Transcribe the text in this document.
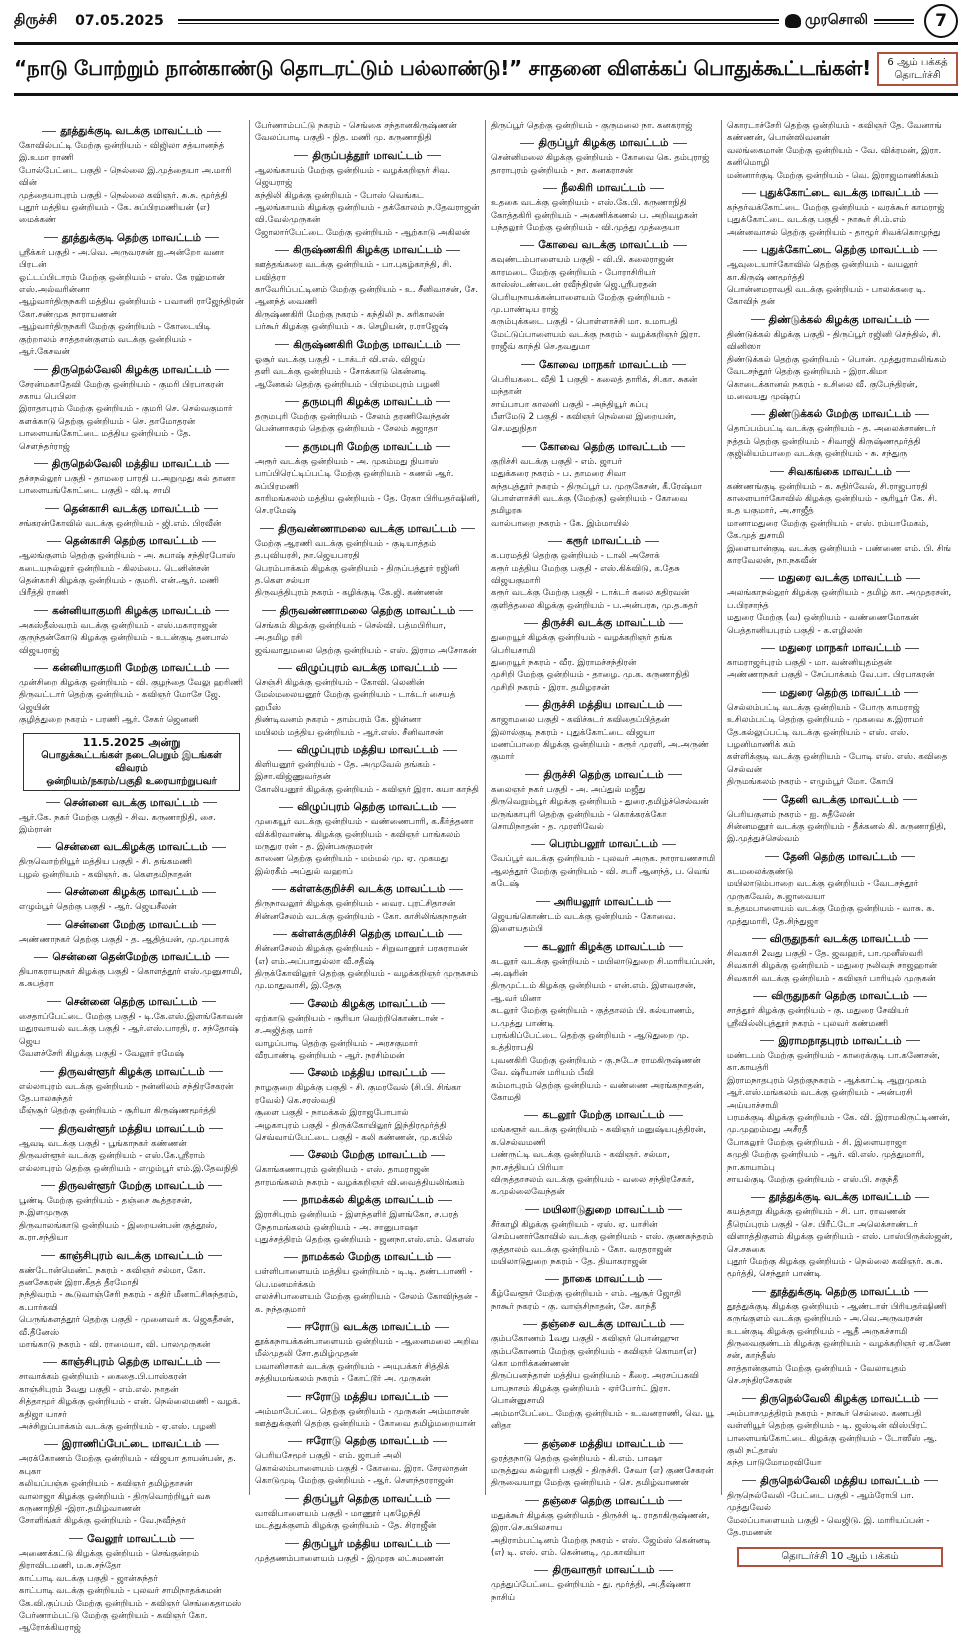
திருச்சி 07.05.2025	முரசொலி	7
“நாடு போற்றும் நான்காண்டு தொடரட்டும் பல்லாண்டு!” சாதனை விளக்கப் பொதுக்கூட்டங்கள்!	6 ஆம் பக்கத் தொடர்ச்சி
தூத்துக்குடி வடக்கு மாவட்டம்
கோவில்பட்டி மேற்கு ஒன்றியம் - விஜிலா சத்யானந்த் இ.உமா ராணி
போல்பேட்டை பகுதி - நெல்லை இ.முத்தையா அ.மாரி வின்
முத்தையாபுரம் பகுதி - நெல்லை கவிஞர். சு.சு. மூர்த்தி
புதூர் மத்திய ஒன்றியம் - கே. சுப்பிரமணியன் (எ) மைக்கண்
தூத்துக்குடி தெற்கு மாவட்டம்
ஸ்ரீக்கர் பகுதி - அ.வெ. அருவரசன் ஐ.அன்றோ வனா பிரடன்
ஓட்டப்பிடாரம் மேற்கு ஒன்றியம் - எஸ். கே ரஹ்மான் எஸ்.அல்வரின்னா
ஆழ்வார்திருநகரி மத்திய ஒன்றியம் - பவானி ராஜேந்திரன் கோ.சண்முக நாராயணன்
ஆழ்வார்திருநகரி மேற்கு ஒன்றியம் - கோடையிடி குற்றாலம் சாத்தான்குளம் வடக்கு ஒன்றியம் - ஆர்.கேசவன்
திருநெல்வேலி கிழக்கு மாவட்டம்
சேரன்மகாதேவி மேற்கு ஒன்றியம் - குமரி பிரபாகரன் சகாய பெபிலா
இராதாபுரம் மேற்கு ஒன்றியம் - குமரி செ. செல்வகுமார்
களக்காடு தெற்கு ஒன்றியம் - செ. தாமோதரன்
பாளையங்கோட்டை மத்திய ஒன்றியம் - தே. செளந்தர்ராஜ்
திருநெல்வேலி மத்திய மாவட்டம்
தச்சநல்லூர் பகுதி - தாமரை பாரதி ப.அறுமுது சுல் தானா
பாளையங்கோட்டை பகுதி - வி.டி சாமி
தென்காசி வடக்கு மாவட்டம்
சங்கரன்கோவில் வடக்கு ஒன்றியம் - ஜி.எம். பிரவீன்
தென்காசி தெற்கு மாவட்டம்
ஆலங்குளம் தெற்கு ஒன்றியம் - அ. சுபாஷ் சந்திரபோஸ்
கடையநல்லூர் ஒன்றியம் - கிலம்பை. டெனின்சன்
தென்காசி கிழக்கு ஒன்றியம் - குமரி. என்.ஆர். மணி பிரீத்தி ராணி
கன்னியாகுமரி கிழக்கு மாவட்டம்
அகஸ்தீஸ்வரம் வடக்கு ஒன்றியம் - எஸ்.மகாராஜன்
குருந்தன்கோடு கிழக்கு ஒன்றியம் - உடன்குடி தனபால் விஜயராஜ்
கன்னியாகுமரி மேற்கு மாவட்டம்
முன்சிறை கிழக்கு ஒன்றியம் - வி. குழந்தை வேலு ஹரிணி
திருவட்டார் தெற்கு ஒன்றியம் - கவிஞர் மோசே ஜே. ஜெயின்
குழித்துறை நகரம் - பரணி ஆர். சேகர் ஜெனனி
11.5.2025 அன்று
பொதுக்கூட்டங்கள் நடைபெறும் இடங்கள் விவரம்
ஒன்றியம்/நகரம்/பகுதி உரையாற்றுபவர்
சென்னை வடக்கு மாவட்டம்
ஆர்.கே. நகர் மேற்கு பகுதி - சிவ. கருணாநிதி, சை. இம்ரான்
சென்னை வடகிழக்கு மாவட்டம்
திருவொற்றியூர் மத்திய பகுதி - சி. தங்கமணி
புழல் ஒன்றியம் - கவிஞர். சு. கௌதமிநாதன்
சென்னை கிழக்கு மாவட்டம்
எழும்பூர் தெற்கு பகுதி - ஆர். ஜெயசீலன்
சென்னை மேற்கு மாவட்டம்
அண்ணாநகர் தெற்கு பகுதி - த. ஆதித்யன், மு.முபாரக்
சென்னை தென்மேற்கு மாவட்டம்
தியாகராயநகர் கிழக்கு பகுதி - கொளத்தூர் எஸ்.முனுசாமி, க.சுபத்ரா
சென்னை தெற்கு மாவட்டம்
சைதாப்பேட்டை மேற்கு பகுதி - டி.கே.எஸ்.இளங்கோவன்
மதுரவாயல் வடக்கு பகுதி - ஆர்.எஸ்.பாரதி, ர. சந்தோஷ் ஜெய
வேளச்சேரி கிழக்கு பகுதி - வேலூர் ரமேஷ்
திருவள்ளூர் கிழக்கு மாவட்டம்
எல்லாபுரம் வடக்கு ஒன்றியம் - நன்னிலம் சந்திரசேகரன் தே.பாலசுந்தர்
மீஞ்சூர் தெற்கு ஒன்றியம் - சூரியா கிருஷ்ணமூர்த்தி
திருவள்ளூர் மத்திய மாவட்டம்
ஆவடி வடக்கு பகுதி - பூங்காநகர் கண்ணன்
திருவள்ளூர் வடக்கு ஒன்றியம் - எஸ்.கே.ஸ்ரீராம்
எல்லாபுரம் தெற்கு ஒன்றியம் - எழும்பூர் எம்.இ.தேவநிதி
திருவள்ளூர் மேற்கு மாவட்டம்
பூண்டி மேற்கு ஒன்றியம் - தஞ்சை கூத்தரசன், ந.இளமுருகு
திருவாலங்காடு ஒன்றியம் - இறையன்பன் குத்தூஸ், க.ரா.சந்தியா
காஞ்சிபுரம் வடக்கு மாவட்டம்
கண்டோன்மெண்ட் நகரம் - கவிஞர் சல்மா, கோ. தனசேகரன் இரா.கீதத் தீரமோதி
நந்திவரம் - கூடுவாஞ்சேரி நகரம் - கதிர் மீனாட்சிசுந்தரம், க.பார்கவி
பெருங்களத்தூர் தெற்கு பகுதி - முனைவர் க. ஜெகதீசன், வீ.தீனேஸ்
மாங்காடு நகரம் - வி. ராமையா, வி. பாலமுருகன்
காஞ்சிபுரம் தெற்கு மாவட்டம்
சாவாக்கம் ஒன்றியம் - கைதை.பி.பாஸ்கரன்
காஞ்சிபுரம் 3வது பகுதி - எம்.எல். நாதன்
சித்தாமூர் கிழக்கு ஒன்றியம் - என். நெல்லைமணி - வழக். கதிஜா யாசர்
அச்சிறுப்பாக்கம் வடக்கு ஒன்றியம் - ஏ.எஸ். பழனி
இராணிப்பேட்டை மாவட்டம்
அரக்கோணம் மேற்கு ஒன்றியம் - விஜயா தாயன்பன், த. சுபுகா
கலியப்பஞ்சு ஒன்றியம் - கவிஞர் தமிழ்தாசன்
வாலாஜா கிழக்கு ஒன்றியம் - திருவொற்றியூர் வசு கருணாநிதி -இரா.தமிழ்வாணன்
சோளிங்கர் கிழக்கு ஒன்றியம் - வே.நவீந்தர்
வேலூர் மாவட்டம்
அணைக்கட்டு கிழக்கு ஒன்றியம் - செங்குன்றம் திராவிடமணி, ம.சு.சந்தோ
காட்பாடி வடக்கு பகுதி - ஜான்சுந்தர்
காட்பாடி வடக்கு ஒன்றியம் - புலவர் சாமிநாதக்கமன்
கே.வி.குப்பம் மேற்கு ஒன்றியம் - கவிஞர் செங்கைதாமஸ்
பேர்ணாம்பட்டு மேற்கு ஒன்றியம் - கவிஞர் கோ. ஆரோக்கியராஜ்
பேர்ணாம்பட்டு நகரம் - செங்கை சந்தானகிருஷ்ணன்
வேலப்பாடி பகுதி - நித. மணி மு. கருணாநிதி
திருப்பத்தூர் மாவட்டம்
ஆலங்காயம் மேற்கு ஒன்றியம் - வழக்கறிஞர் சிவ. ஜெயராஜ்
கந்திலி கிழக்கு ஒன்றியம் - போஸ் வெங்கட
ஆலங்காயம் கிழக்கு ஒன்றியம் - தக்கோலம் ந.தேவராஜன் வி.வேல்முருகன்
ஜோலார்பேட்டை மேற்கு ஒன்றியம் - ஆற்காடு அகிலன்
கிருஷ்ணகிரி கிழக்கு மாவட்டம்
ஊத்தங்கரை வடக்கு ஒன்றியம் - பா.புகழ்காந்தி, சி. பவித்ரா
காவேரிப்பட்டினம் மேற்கு ஒன்றியம் - உ. சீனிவாசன், சே. ஆனந்த் வைணி
கிருஷ்ணகிரி மேற்கு நகரம் - கந்திலி ந. சுரிகாலன்
பர்கூர் கிழக்கு ஒன்றியம் - சு. செழியன், ர.ராஜேஷ்
கிருஷ்ணகிரி மேற்கு மாவட்டம்
ஓசூர் வடக்கு பகுதி - டாக்டர் வி.எல். விஜய்
தளி வடக்கு ஒன்றியம் - சோக்காடு கென்னடி
ஆனேகல் தெற்கு ஒன்றியம் - பிரம்மபுரம் பழனி
தருமபுரி கிழக்கு மாவட்டம்
தருமபுரி மேற்கு ஒன்றியம் - சேலம் தரணிவேந்தன்
பென்னாகரம் தெற்கு ஒன்றியம் - சேலம் சுஜாதா
தருமபுரி மேற்கு மாவட்டம்
அரூர் வடக்கு ஒன்றியம் - அ. முகம்மது நியாஸ்
பாப்பிரெட்டிப்பட்டி மேற்கு ஒன்றியம் - கணல் ஆர். சுப்பிரமணி
காரிமங்கலம் மத்திய ஒன்றியம் - தே. ரேகா பிரியதர்ஷினி, செ.ரமேஷ்
திருவண்ணாமலை வடக்கு மாவட்டம்
மேற்கு ஆரணி வடக்கு ஒன்றியம் - குடியாத்தம் த.புவியரசி, நா.ஜெயபாரதி
பெரம்பாக்கம் கிழக்கு ஒன்றியம் - திருப்பத்தூர் ரஜினி த.கெள சல்யா
திருவத்திபுரம் நகரம் - கழிக்குடி கே.ஜி. கண்ணன்
திருவண்ணாமலை தெற்கு மாவட்டம்
செங்கம் கிழக்கு ஒன்றியம் - செல்வி. பத்மபிரியா, அ.தமிழ ரசி
ஜவ்வாதுமலை தெற்கு ஒன்றியம் - எஸ். இராம அசோகன்
விழுப்புரம் வடக்கு மாவட்டம்
செஞ்சி கிழக்கு ஒன்றியம் - கோவி. லெனின்
மேல்மலையனூர் மேற்கு ஒன்றியம் - டாக்டர் சையத் ஹபீஸ்
திண்டிவனம் நகரம் - தாம்பரம் கே. ஜின்னா
மயிலம் மத்திய ஒன்றியம் - ஆர்.எஸ். சீனிவாசன்
விழுப்புரம் மத்திய மாவட்டம்
கிளியனூர் ஒன்றியம் - தே. அமுவேல் தங்கம் - இசா.விஜ்ணுவர்தன்
கோலியனூர் கிழக்கு ஒன்றியம் - கவிஞர் இரா. கயா காந்தி
விழுப்புரம் தெற்கு மாவட்டம்
முகையூர் வடக்கு ஒன்றியம் - வண்ணைபாரி, க.கீர்த்தனா
விக்கிரவாண்டி கிழக்கு ஒன்றியம் - கவிஞர் பாங்கலம் மருதுர ரன் - த. இன்பசுகுமரன்
காணை தெற்கு ஒன்றியம் - மம்மல் மு. ஏ. முகமது இல்ரகீம் அப்துல் வஹாப்
கள்ளக்குறிச்சி வடக்கு மாவட்டம்
திருநாவலூர் கிழக்கு ஒன்றியம் - வைர. புரட்சிதாசன்
சின்னசேலம் வடக்கு ஒன்றியம் - கோ. காசிலிங்கநாதன்
கள்ளக்குறிச்சி தெற்கு மாவட்டம்
சின்னசேலம் கிழக்கு ஒன்றியம் - சிறுவானூர் பரசுராமன் (எ) எம்.அப்பாதுல்லா வீ.சதீஷ்
திருக்கோவிலூர் தெற்கு ஒன்றியம் - வழக்கறிஞர் முருகசம் மு.மாதுவாசி, இ.தேகு
சேலம் கிழக்கு மாவட்டம்
ஏற்காடு ஒன்றியம் - சூரியா வெற்றிகொண்டான் - ச.அஜித்கு மார்
வாழப்பாடி தெற்கு ஒன்றியம் - அரசகுமார்
வீரபாண்டி ஒன்றியம் - ஆர். நரசிம்மன்
சேலம் மத்திய மாவட்டம்
நாழகுறை கிழக்கு பகுதி - சி. குமரவேல் (சி.பி. சிங்கா ரவேல்) கெ.சரஸ்வதி
சூளை பகுதி - நாமக்கல் இராஜபோபால்
அழகாபுரம் பகுதி - திருக்கோயிலூர் இந்திரமூர்த்தி
செவ்வாய்பேட்டை பகுதி - கலி கண்ணன், மு.கபில்
சேலம் மேற்கு மாவட்டம்
கொங்கணாபுரம் ஒன்றியம் - எஸ். தாமராஜன்
தாரமங்கலம் நகரம் - வழக்கறிஞர் வி.வைத்தியலிங்கம்
நாமக்கல் கிழக்கு மாவட்டம்
இராசிபுரம் ஒன்றியம் - இளந்தளிர் இளங்கோ, ச.பரத் நேதாமங்கலம் ஒன்றியம் - அ. சானுபாஷா
புதுச்சத்திரம் தெற்கு ஒன்றியம் - ஜனநா.எஸ்.எம். கௌஸ்
நாமக்கல் மேற்கு மாவட்டம்
பள்ளிபாளையம் மத்திய ஒன்றியம் - டி.டி. தண்டபாணி - பெ.மனமர்க்கம்
எலச்சிபாளையம் மேற்கு ஒன்றியம் - சேலம் கோவிந்தன் - க. நந்தகுமார்
ஈரோடு வடக்கு மாவட்டம்
தூக்கநாயக்கன்பாளையம் ஒன்றியம் - ஆனைமலை அறிவ மீல்முதலி சோ.தமிழ்முதன்
பவானிசாகர் வடக்கு ஒன்றியம் - அயுபக்கர் சித்திக்
சத்தியமங்கலம் நகரம் - கோட்டூர் அ. முருகன்
ஈரோடு மத்திய மாவட்டம்
அம்மாபேட்டை தெற்கு ஒன்றியம் - முருகன் அம்மாசன்
ஊத்துக்குளி தெற்கு ஒன்றியம் - கோவை தமிழ்மறையான்
ஈரோடு தெற்கு மாவட்டம்
பெரியசேமூர் பகுதி - எம். ஜாபர் அலி
கொல்லம்பாளையம் பகுதி - கோவை. இரா. சேரலாதன்
கொடுமுடி மேற்கு ஒன்றியம் - ஆர். சௌந்தரராஜன்
திருப்பூர் தெற்கு மாவட்டம்
வாவிபாளையம் பகுதி - மாணூர் புகழேந்தி
மடத்துக்குளம் கிழக்கு ஒன்றியம் - தே. சிராஜீன்
திருப்பூர் மத்திய மாவட்டம்
முத்தணம்பாளையம் பகுதி - இமுரசு லட்சுமணன்
திருப்பூர் தெற்கு ஒன்றியம் - குருமலை நா. கனகராஜ்
திருப்பூர் கிழக்கு மாவட்டம்
சென்னிமலை கிழக்கு ஒன்றியம் - கோவை கெ. தம்புராஜ்
தாராபுரம் ஒன்றியம் - நா. கனகராசன்
நீலகிரி மாவட்டம்
உதகை வடக்கு ஒன்றியம் - எஸ்.கே.பி. கருணாநிதி
கோத்தகிரி ஒன்றியம் - அகணிக்கணல் ப. அறிவழகன்
பந்தலூர் மேற்கு ஒன்றியம் - வி.முத்து முத்தையா
கோவை வடக்கு மாவட்டம்
கவுண்டம்பாளையம் பகுதி - வி.பி. கலைராஜன்
காரமடை மேற்கு ஒன்றியம் - போராசிரியர் காஸ்ஸ்டண்டைன் ரவீந்திரன் ஜெ.ஸ்ரீபரதன்
பெரியநாயக்கன்பாளையம் மேற்கு ஒன்றியம் - மு.பாண்டிய ராஜ்
கரும்புக்கடை பகுதி - பொள்ளாச்சி மா. உமாபதி
மேட்டுப்பாளையம் வடக்கு நகரம் - வழக்கறிஞர் இரா. ராஜீவ் காந்தி செ.தவதுமா
கோவை மாநகர் மாவட்டம்
பெரியகடை வீதி 1 பகுதி - கலைத் தாரிக், சி.கா. சுகன் மந்தான்
சாய்பாபா காலனி பகுதி - அந்தியூர் சுப்பு
பீளமேடு 2 பகுதி - கவிஞர் நெல்லை இறையன், செ.மதுநிதா
கோவை தெற்கு மாவட்டம்
குறிச்சி வடக்கு பகுதி - எம். ஜாபர்
மதுக்கரை நகரம் - ப. தாமரை சிவா
சுந்தபுத்தூர் நகரம் - திருப்பூர் ப. முருகேசன், கீ.ரேஷ்மா
பொள்ளாச்சி வடக்கு (மேற்கு) ஒன்றியம் - கோவை தமிழரசு
வால்பாறை நகரம் - கே. இம்மாயில்
கரூர் மாவட்டம்
க.பரமத்தி தெற்கு ஒன்றியம் - டாலி அசோக்
கரூர் மத்திய மேற்கு பகுதி - எஸ்.கிக்விடு, க.தேசு விஜயகுமாரி
கரூர் வடக்கு மேற்கு பகுதி - டாக்டர் கலை கதிரவன்
குளித்தலை கிழக்கு ஒன்றியம் - ப.அன்பரசு, மு.த.சுதர்
திருச்சி வடக்கு மாவட்டம்
துறையூர் கிழக்கு ஒன்றியம் - வழக்கறிஞர் தங்க பெரியசாமி
துறையூர் நகரம் - வீர. இராமச்சந்திரன்
முசிறி மேற்கு ஒன்றியம் - தாழை. மு.க. கருணாநிதி
முசிறி நகரம் - இரா. தமிழரசன்
திருச்சி மத்திய மாவட்டம்
காஜாமலை பகுதி - கவிச்சுடர் கவிதைப்பித்தன்
இலால்குடி நகரம் - புதுக்கோட்டை விஜயா
மணப்பாறை கிழக்கு ஒன்றியம் - கரூர் முரளி, அ.அருண் குமார்
திருச்சி தெற்கு மாவட்டம்
கலைஞர் நகர் பகுதி - அ. அப்துல் மஜீது
திருவெறும்பூர் கிழக்கு ஒன்றியம் - துரை.தமிழ்ச்செல்வன்
மருங்காபுரி தெற்கு ஒன்றியம் - கொக்கரக்கோ சொமிநாதன் - த. முரளிவேல்
பெரம்பலூர் மாவட்டம்
வேப்பூர் வடக்கு ஒன்றியம் - புலவர் அருக. நாராயணசாமி
ஆலத்தூர் மேற்கு ஒன்றியம் - வி. சபரீ ஆனந்த், ப. வெங் கடேஷ்
அரியலூர் மாவட்டம்
ஜெயங்கொண்டம் வடக்கு ஒன்றியம் - கோவை. இளையதம்பி
கடலூர் கிழக்கு மாவட்டம்
கடலூர் வடக்கு ஒன்றியம் - மயிலாடுதுறை சி.மாரியப்பன், அ.ஷரின்
திருமுட்டம் கிழக்கு ஒன்றியம் - என்.எம். இளவரசன், ஆ.வர் மினா
கடலூர் மேற்கு ஒன்றியம் - குத்தாலம் பி. கல்யாணம், ப.முத்து பாண்டி
பரங்கிப்பேட்டை தெற்கு ஒன்றியம் - ஆடுதுறை மு. உத்திராபதி
புவனகிரி மேற்கு ஒன்றியம் - கு.நடேச ராமகிருஷ்ணன் வே. ஷ்ரீயான் மரியம் பீவி
கம்மாபுரம் தெற்கு ஒன்றியம் - வண்ணை அரங்கநாதன், கோமதி
கடலூர் மேற்கு மாவட்டம்
மங்களூர் வடக்கு ஒன்றியம் - கவிஞர் மனுஷ்யபுத்திரன், க.செல்வமணி
பண்ருட்டி வடக்கு ஒன்றியம் - கவிஞர். சல்மா, நா.சத்தியப் பிரியா
விருத்தாசலம் வடக்கு ஒன்றியம் - வலை சந்திரசேகர், க.முல்லைவேந்தன்
மயிலாடுதுறை மாவட்டம்
சீர்காழி கிழக்கு ஒன்றியம் - ஏஸ். ஏ. யாசின்
செம்பனார்கோவில் வடக்கு ஒன்றியம் - எஸ். குணசுந்தரம்
குத்தாலம் வடக்கு ஒன்றியம் - கோ. வரதராஜன்
மயிலாடுதுறை நகரம் - தே. தியாகராஜன்
நாகை மாவட்டம்
கீழ்வேளூர் மேற்கு ஒன்றியம் - எம். ஆசூர் ஜோதி
நாகூர் நகரம் - கு. வாஞ்சிநாதன், சே. காந்தீ
தஞ்சை வடக்கு மாவட்டம்
கும்பகோணம் 1வது பகுதி - கவிஞர் பொன்ஹுா
கும்பகோணம் மேற்கு ஒன்றியம் - கவிஞர் கொமா(எ) கொ மாரிக்கண்ணன்
திருப்பனந்தாள் மத்திய ஒன்றியம் - கீரை. அரசப்பகவி
பாபநாசம் கிழக்கு ஒன்றியம் - ஏர்போர்ட் இரா. பொன்னுசாமி
அம்மாபேட்டை மேற்கு ஒன்றியம் - உ.வனராணி, வெ. யூ னிதா
தஞ்சை மத்திய மாவட்டம்
ஒரத்தநாடு தெற்கு ஒன்றியம் - கி.எம். பாஷா
மருத்துவ கல்லூரி பகுதி - திருச்சி. சேவா (எ) குணசேகரன்
திருவையாறு மேற்கு ஒன்றியம் - செ. தமிழ்வாணன்
தஞ்சை தெற்கு மாவட்டம்
மதுக்கூர் கிழக்கு ஒன்றியம் - திருச்சி டி. ராதாகிருஷ்ணன், இரா.செ.கபிலசாய
அதிராம்பட்டினம் மேற்கு நகரம் - எஸ். ஜேம்ஸ் கென்னடி (எ) டி. எஸ். எம். கென்னடி, மு.காவியா
திருவாரூர் மாவட்டம்
முத்துப்பேட்டை ஒன்றியம் - து. மூர்த்தி, அ.தீஷ்ணா நாசிய்
கொரடாச்சேரி தெற்கு ஒன்றியம் - கவிஞர் தே. வேனாங் கண்ணன், பொன்ஸிவனன்
வலங்கைமான் மேற்கு ஒன்றியம் - வே. விக்ரமன், இரா. கனிமொழி
மன்னார்குடி மேற்கு ஒன்றியம் - வெ. இராஜமாணிக்கம்
புதுக்கோட்டை வடக்கு மாவட்டம்
கந்தர்வக்கோட்டை மேற்கு ஒன்றியம் - வரக்கூர் காமராஜ்
புதுக்கோட்டை வடக்கு பகுதி - நாகூர் சி.ம்.எம்
அன்னவாசல் தெற்கு ஒன்றியம் - தாழூர் சிவக்கொழுந்து
புதுக்கோட்டை தெற்கு மாவட்டம்
ஆவுடையார்கோவில் தெற்கு ஒன்றியம் - வயலூர் கா.கிருஷ் ணமூர்த்தி
பொன்னமராவதி வடக்கு ஒன்றியம் - பாலக்கரை டி. கோவிந் தன்
திண்டுக்கல் கிழக்கு மாவட்டம்
திண்டுக்கல் கிழக்கு பகுதி - திருப்பூர் ரஜினி செந்தில், சி. வினிஸா
திண்டுக்கல் தெற்கு ஒன்றியம் - பொன். முத்துராமலிங்கம்
வேடசந்தூர் தெற்கு ஒன்றியம் - இரா.கிமா
கொடைக்கானல் நகரம் - உசிலை வீ. குபேந்திரன், ம.வையது முஷ்ரப்
திண்டுக்கல் மேற்கு மாவட்டம்
தொப்பம்பட்டி வடக்கு ஒன்றியம் - த. அலைக்சாண்டர்
நத்தம் தெற்கு ஒன்றியம் - சிவாஜி கிருஷ்ணமூர்த்தி
குஜிலியம்பாறை வடக்கு ஒன்றியம் - சு. சந்துரு
சிவகங்கை மாவட்டம்
கண்ணங்குடி ஒன்றியம் - க. சுதிர்வேல், சி.ராஜபாரதி
காளையார்கோவில் கிழக்கு ஒன்றியம் - சூரியூர் கே. சி. உத யகுமார், அ.சாஜீத்
மானாமதுரை மேற்கு ஒன்றியம் - எஸ். ரம்யாமேகம், கே.முத் துசாமி
இளையான்குடி வடக்கு ஒன்றியம் - பண்ணை எம். பி. சிங் காரவேலன், நா.நகவீன்
மதுரை வடக்கு மாவட்டம்
அலங்காநல்லூர் கிழக்கு ஒன்றியம் - தமிழ் கா. அமுதரசன், ப.பிரசாந்த்
மதுரை மேற்கு (வ) ஒன்றியம் - வண்ணைமோகன்
பெத்தானியபுரம் பகுதி - க.எழிலன்
மதுரை மாநகர் மாவட்டம்
காமராஜர்புரம் பகுதி - மா. வன்னியுதம்தன்
அண்ணாநகர் பகுதி - சேப்பாக்கம் வே.பா. பிரபாகரன்
மதுரை தெற்கு மாவட்டம்
செல்லம்பட்டி வடக்கு ஒன்றியம் - போரு காமராஜ்
உசிலம்பட்டி தெற்கு ஒன்றியம் - முகவை க.இராமர்
தே.கல்லுப்பட்டி வடக்கு ஒன்றியம் - எஸ். எஸ். பழனிமாணிக் கம்
கள்ளிக்குடி வடக்கு ஒன்றியம் - போடி எஸ். எஸ். கவிதை செல்வன்
திருமங்கலம் நகரம் - எழும்பூர் மோ. கோபி
தேனி வடக்கு மாவட்டம்
பெரியகுளம் நகரம் - ஐ. சுதீலேன்
சின்னமனூர் வடக்கு ஒன்றியம் - தீக்கனல் கி. கருணாநிதி, இ.முத்துச்செல்வம்
தேனி தெற்கு மாவட்டம்
கடமலைக்குண்டு
மயிலாடும்பாறை வடக்கு ஒன்றியம் - வேடசந்தூர் முருகவேல், சு.ஜாவையா
உத்தமபாளையம் வடக்கு மேற்கு ஒன்றியம் - வாசு. சு. முத்துமாரி, தே.சிந்துஜா
விருதுநகர் வடக்கு மாவட்டம்
சிவகாசி 2வது பகுதி - தே. ஜவஹர், பா.முனீஸ்வரி
சிவகாசி கிழக்கு ஒன்றியம் - மதுரை நலிவந் சாஜஹான்
சிவகாசி வடக்கு ஒன்றியம் - கவிஞர் பாரியுல் முருகன்
விருதுநகர் தெற்கு மாவட்டம்
சாத்தூர் கிழக்கு ஒன்றியம் - கு. மதுரை சேவியர்
ஸ்ரீவில்லிபுத்தூர் நகரம் - புலவர் கண்மணி
இராமநாதபுரம் மாவட்டம்
மண்டபம் மேற்கு ஒன்றியம் - காரைக்குடி பா.கணேசன், கா.காயத்ரி
இராமநாதபுரம் தெற்குநகரம் - ஆக்காட்டி ஆறுமுகம்
ஆர்.எஸ்.மங்கலம் வடக்கு ஒன்றியம் - அன்பரசி அய்யாச்சாமி
பரமக்குடி கிழக்கு ஒன்றியம் - கே. வி. இராமகிருட்டிணன், மு.முஹம்மது அசீரதீ
போகலூர் மேற்கு ஒன்றியம் - சி. இளையராஜா
கமுதி மேற்கு ஒன்றியம் - ஆர். வி.எஸ். முத்துமாரி, நா.காயாம்பு
சாயல்குடி மேற்கு ஒன்றியம் - எஸ்.பி. சகுந்தீ
தூத்துக்குடி வடக்கு மாவட்டம்
கயத்தாறு கிழக்கு ஒன்றியம் - சி. பா. ராவணன்
தீரெய்புரம் பகுதி - செ. பிரீட்டோ அலெக்சாண்டர்
விளாத்திகுளம் கிழக்கு ஒன்றியம் - எஸ். பாஸ்பிருக்ஸ்ஜன், செ.சசுகை
புதூர் மேற்கு கிழக்கு ஒன்றியம் - நெல்லை கவிஞர். சு.சு. மூர்த்தி, செந்தூர் பாண்டி
தூத்துக்குடி தெற்கு மாவட்டம்
தூத்துக்குடி கிழக்கு ஒன்றியம் - ஆண்டாள் பிரியதர்ஷிணி
கருங்குளம் வடக்கு ஒன்றியம் - அ.வெ.அருவரசன்
உடன்குடி கிழக்கு ஒன்றியம் - ஆதீ அருகச்சாமி
திருவைகுண்டம் கிழக்கு ஒன்றியம் - வழக்கறிஞர் ஏ.கணே சன், காந்தீஸ்
சாத்தான்குளம் மேற்கு ஒன்றியம் - வேலாயுதம் செ.சந்திரசேகரன்
திருநெல்வேலி கிழக்கு மாவட்டம்
அம்பாசமுத்திரம் நகரம் - நாகூர் செல்லை. கணபதி
வள்ளியூர் தெற்கு ஒன்றியம் - டி. ஜஸ்டின் விஸ்பிரட்
பாளையங்கோட்டை கிழக்கு ஒன்றியம் - டோஸீஸ் ஆ. குலி நட்தாஸ்
கந்த பாடுமோமரவியோ
திருநெல்வேலி மத்திய மாவட்டம்
திருநெல்வேலி -பேட்டை பகுதி - ஆம்ரோபி பா. முத்துவேல்
மேலப்பாளையம் பகுதி - வெஜிடு. இ. மாரியப்பன் - தே.ரமணன்
தொடர்ச்சி 10 ஆம் பக்கம்
